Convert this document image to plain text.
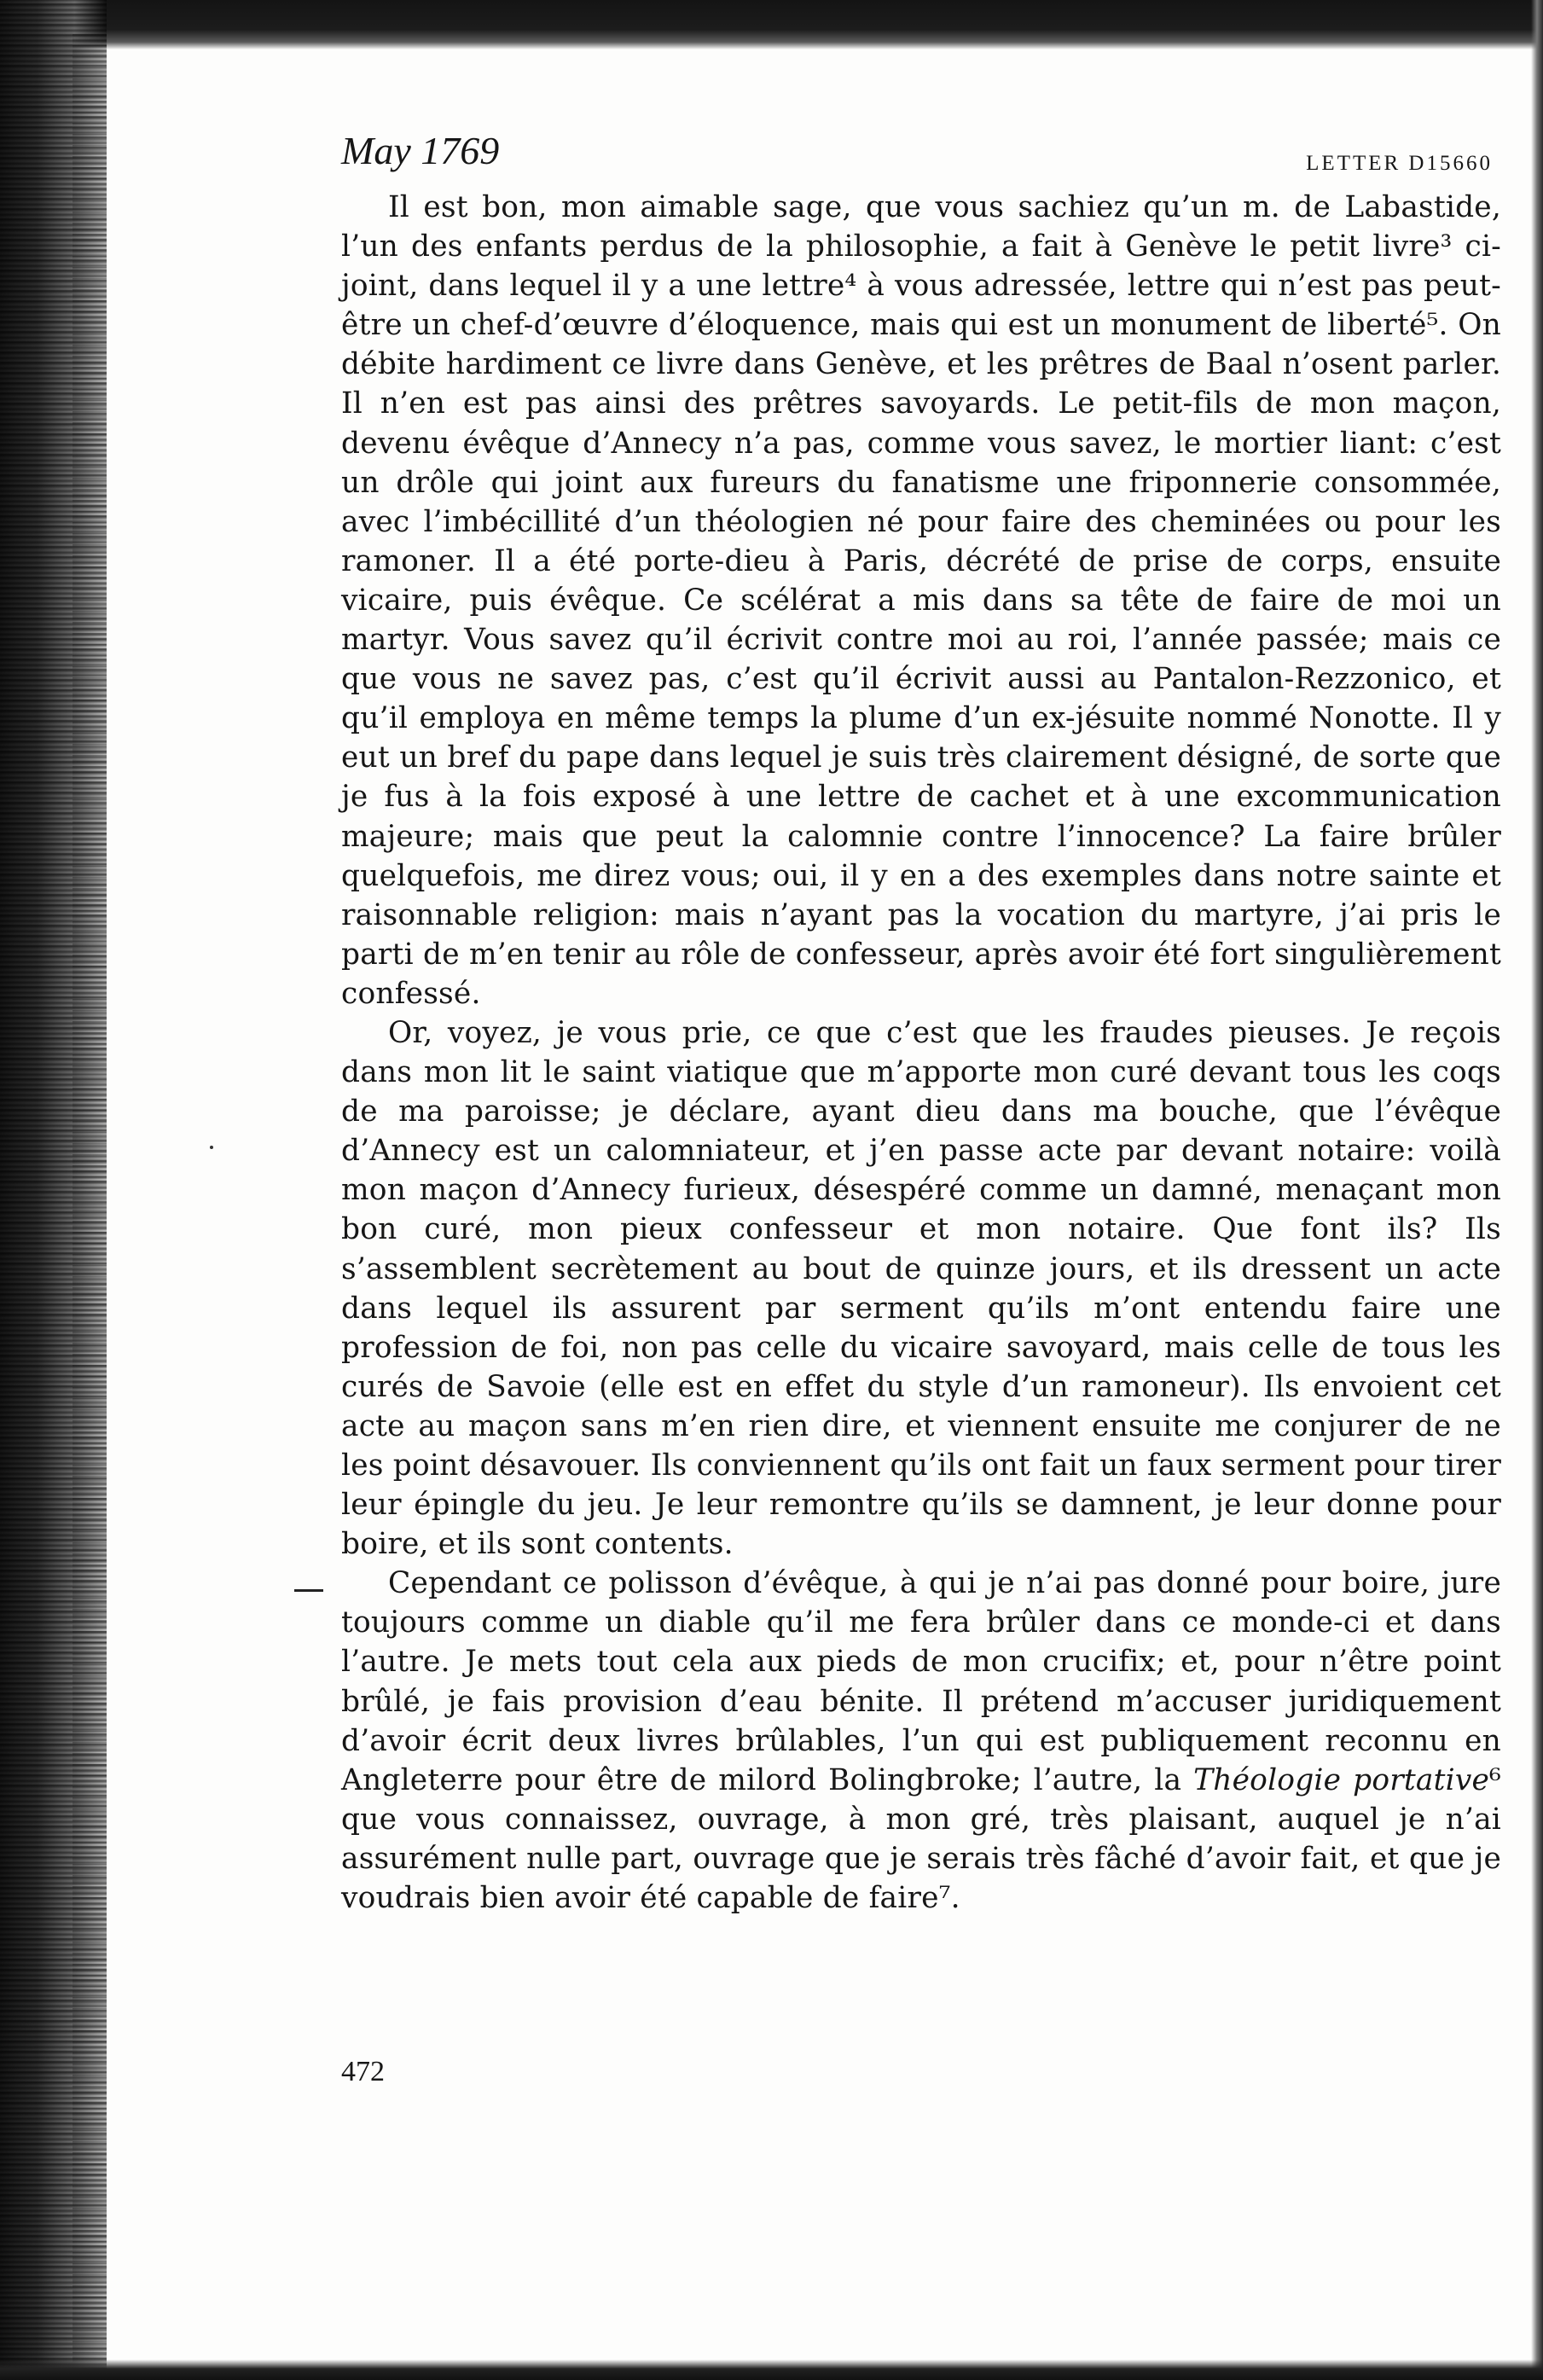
May 1769	LETTER D15660

Il est bon, mon aimable sage, que vous sachiez qu’un m. de Labastide, l’un des enfants perdus de la philosophie, a fait à Genève le petit livre³ ci-joint, dans lequel il y a une lettre⁴ à vous adressée, lettre qui n’est pas peut-être un chef-d’œuvre d’éloquence, mais qui est un monument de liberté⁵. On débite hardiment ce livre dans Genève, et les prêtres de Baal n’osent parler. Il n’en est pas ainsi des prêtres savoyards. Le petit-fils de mon maçon, devenu évêque d’Annecy n’a pas, comme vous savez, le mortier liant: c’est un drôle qui joint aux fureurs du fanatisme une friponnerie consommée, avec l’imbécillité d’un théologien né pour faire des cheminées ou pour les ramoner. Il a été porte-dieu à Paris, décrété de prise de corps, ensuite vicaire, puis évêque. Ce scélérat a mis dans sa tête de faire de moi un martyr. Vous savez qu’il écrivit contre moi au roi, l’année passée; mais ce que vous ne savez pas, c’est qu’il écrivit aussi au Pantalon-Rezzonico, et qu’il employa en même temps la plume d’un ex-jésuite nommé Nonotte. Il y eut un bref du pape dans lequel je suis très clairement désigné, de sorte que je fus à la fois exposé à une lettre de cachet et à une excommunication majeure; mais que peut la calomnie contre l’innocence? La faire brûler quelquefois, me direz vous; oui, il y en a des exemples dans notre sainte et raisonnable religion: mais n’ayant pas la vocation du martyre, j’ai pris le parti de m’en tenir au rôle de confesseur, après avoir été fort singulièrement confessé.

Or, voyez, je vous prie, ce que c’est que les fraudes pieuses. Je reçois dans mon lit le saint viatique que m’apporte mon curé devant tous les coqs de ma paroisse; je déclare, ayant dieu dans ma bouche, que l’évêque d’Annecy est un calomniateur, et j’en passe acte par devant notaire: voilà mon maçon d’Annecy furieux, désespéré comme un damné, menaçant mon bon curé, mon pieux confesseur et mon notaire. Que font ils? Ils s’assemblent secrètement au bout de quinze jours, et ils dressent un acte dans lequel ils assurent par serment qu’ils m’ont entendu faire une profession de foi, non pas celle du vicaire savoyard, mais celle de tous les curés de Savoie (elle est en effet du style d’un ramoneur). Ils envoient cet acte au maçon sans m’en rien dire, et viennent ensuite me conjurer de ne les point désavouer. Ils conviennent qu’ils ont fait un faux serment pour tirer leur épingle du jeu. Je leur remontre qu’ils se damnent, je leur donne pour boire, et ils sont contents.

Cependant ce polisson d’évêque, à qui je n’ai pas donné pour boire, jure toujours comme un diable qu’il me fera brûler dans ce monde-ci et dans l’autre. Je mets tout cela aux pieds de mon crucifix; et, pour n’être point brûlé, je fais provision d’eau bénite. Il prétend m’accuser juridiquement d’avoir écrit deux livres brûlables, l’un qui est publiquement reconnu en Angleterre pour être de milord Bolingbroke; l’autre, la Théologie portative⁶ que vous connaissez, ouvrage, à mon gré, très plaisant, auquel je n’ai assurément nulle part, ouvrage que je serais très fâché d’avoir fait, et que je voudrais bien avoir été capable de faire⁷.

472
